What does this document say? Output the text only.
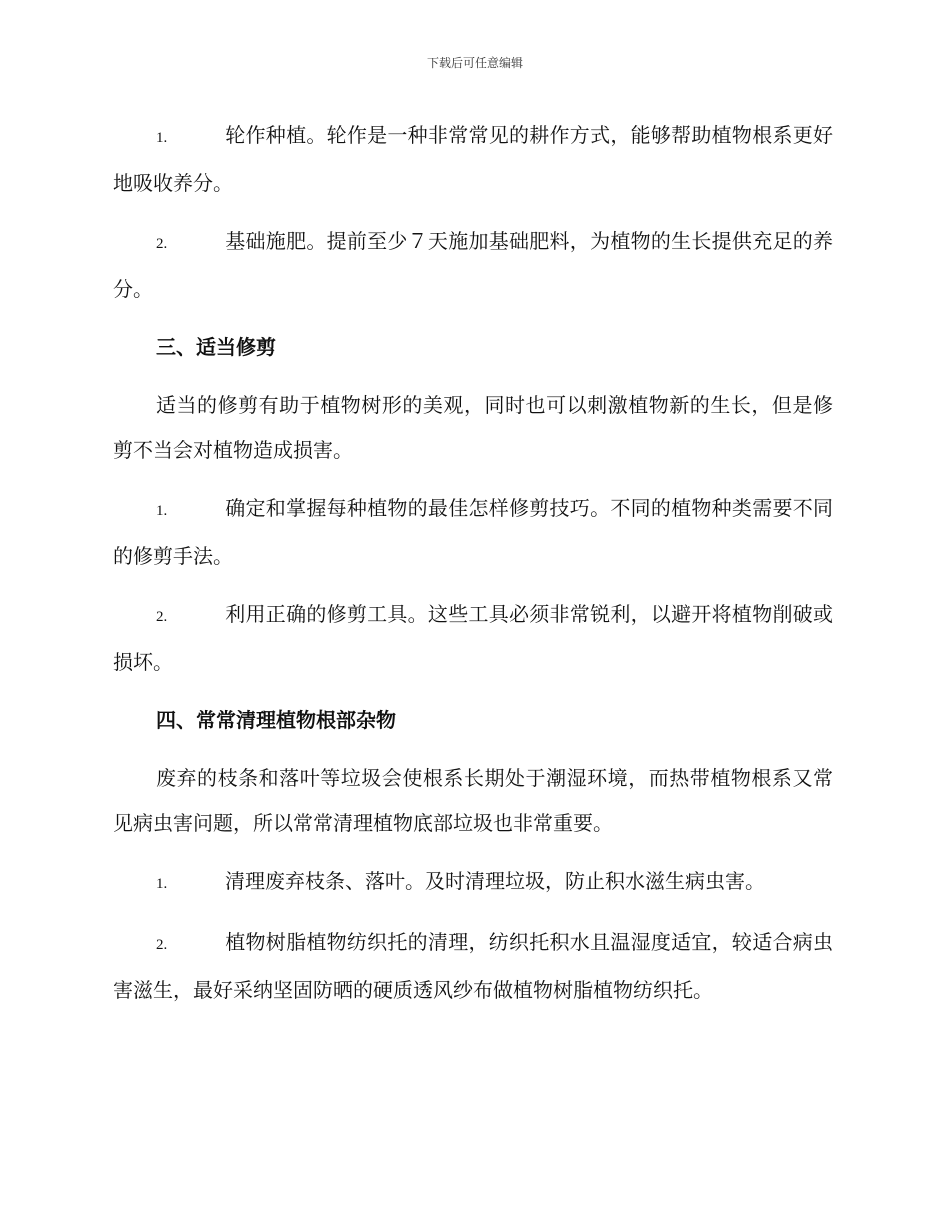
下载后可任意编辑

1.	轮作种植。轮作是一种非常常见的耕作方式，能够帮助植物根系更好地吸收养分。

2.	基础施肥。提前至少７天施加基础肥料，为植物的生长提供充足的养分。

三、适当修剪

适当的修剪有助于植物树形的美观，同时也可以刺激植物新的生长，但是修剪不当会对植物造成损害。

1.	确定和掌握每种植物的最佳怎样修剪技巧。不同的植物种类需要不同的修剪手法。

2.	利用正确的修剪工具。这些工具必须非常锐利，以避开将植物削破或损坏。

四、常常清理植物根部杂物

废弃的枝条和落叶等垃圾会使根系长期处于潮湿环境，而热带植物根系又常见病虫害问题，所以常常清理植物底部垃圾也非常重要。

1.	清理废弃枝条、落叶。及时清理垃圾，防止积水滋生病虫害。

2.	植物树脂植物纺织托的清理，纺织托积水且温湿度适宜，较适合病虫害滋生，最好采纳坚固防晒的硬质透风纱布做植物树脂植物纺织托。
